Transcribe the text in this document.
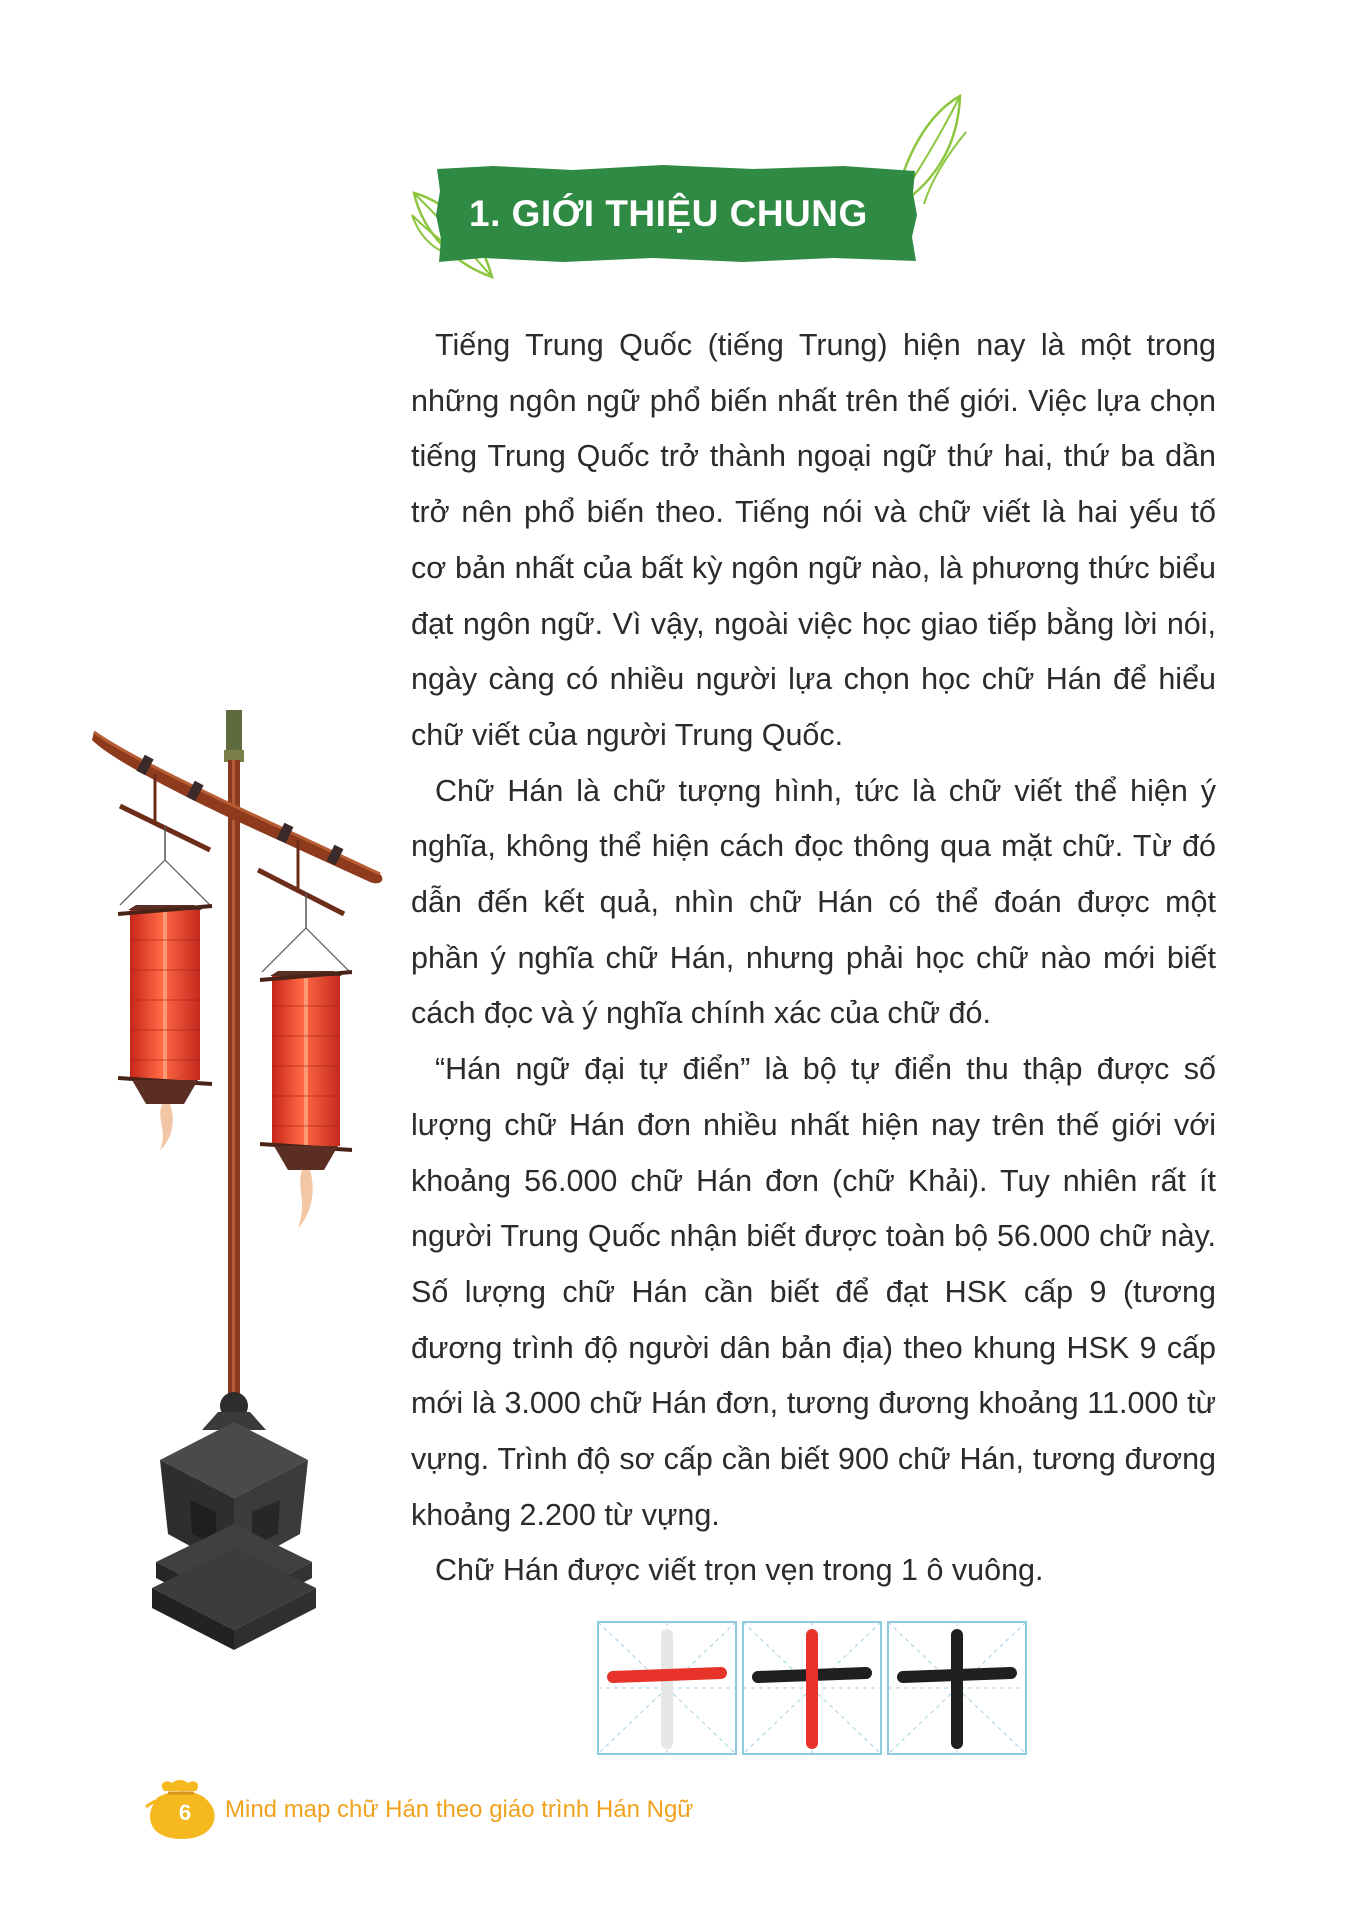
1. GIỚI THIỆU CHUNG

Tiếng Trung Quốc (tiếng Trung) hiện nay là một trong những ngôn ngữ phổ biến nhất trên thế giới. Việc lựa chọn tiếng Trung Quốc trở thành ngoại ngữ thứ hai, thứ ba dần trở nên phổ biến theo. Tiếng nói và chữ viết là hai yếu tố cơ bản nhất của bất kỳ ngôn ngữ nào, là phương thức biểu đạt ngôn ngữ. Vì vậy, ngoài việc học giao tiếp bằng lời nói, ngày càng có nhiều người lựa chọn học chữ Hán để hiểu chữ viết của người Trung Quốc.

Chữ Hán là chữ tượng hình, tức là chữ viết thể hiện ý nghĩa, không thể hiện cách đọc thông qua mặt chữ. Từ đó dẫn đến kết quả, nhìn chữ Hán có thể đoán được một phần ý nghĩa chữ Hán, nhưng phải học chữ nào mới biết cách đọc và ý nghĩa chính xác của chữ đó.

“Hán ngữ đại tự điển” là bộ tự điển thu thập được số lượng chữ Hán đơn nhiều nhất hiện nay trên thế giới với khoảng 56.000 chữ Hán đơn (chữ Khải). Tuy nhiên rất ít người Trung Quốc nhận biết được toàn bộ 56.000 chữ này. Số lượng chữ Hán cần biết để đạt HSK cấp 9 (tương đương trình độ người dân bản địa) theo khung HSK 9 cấp mới là 3.000 chữ Hán đơn, tương đương khoảng 11.000 từ vựng. Trình độ sơ cấp cần biết 900 chữ Hán, tương đương khoảng 2.200 từ vựng.

Chữ Hán được viết trọn vẹn trong 1 ô vuông.

6 Mind map chữ Hán theo giáo trình Hán Ngữ
